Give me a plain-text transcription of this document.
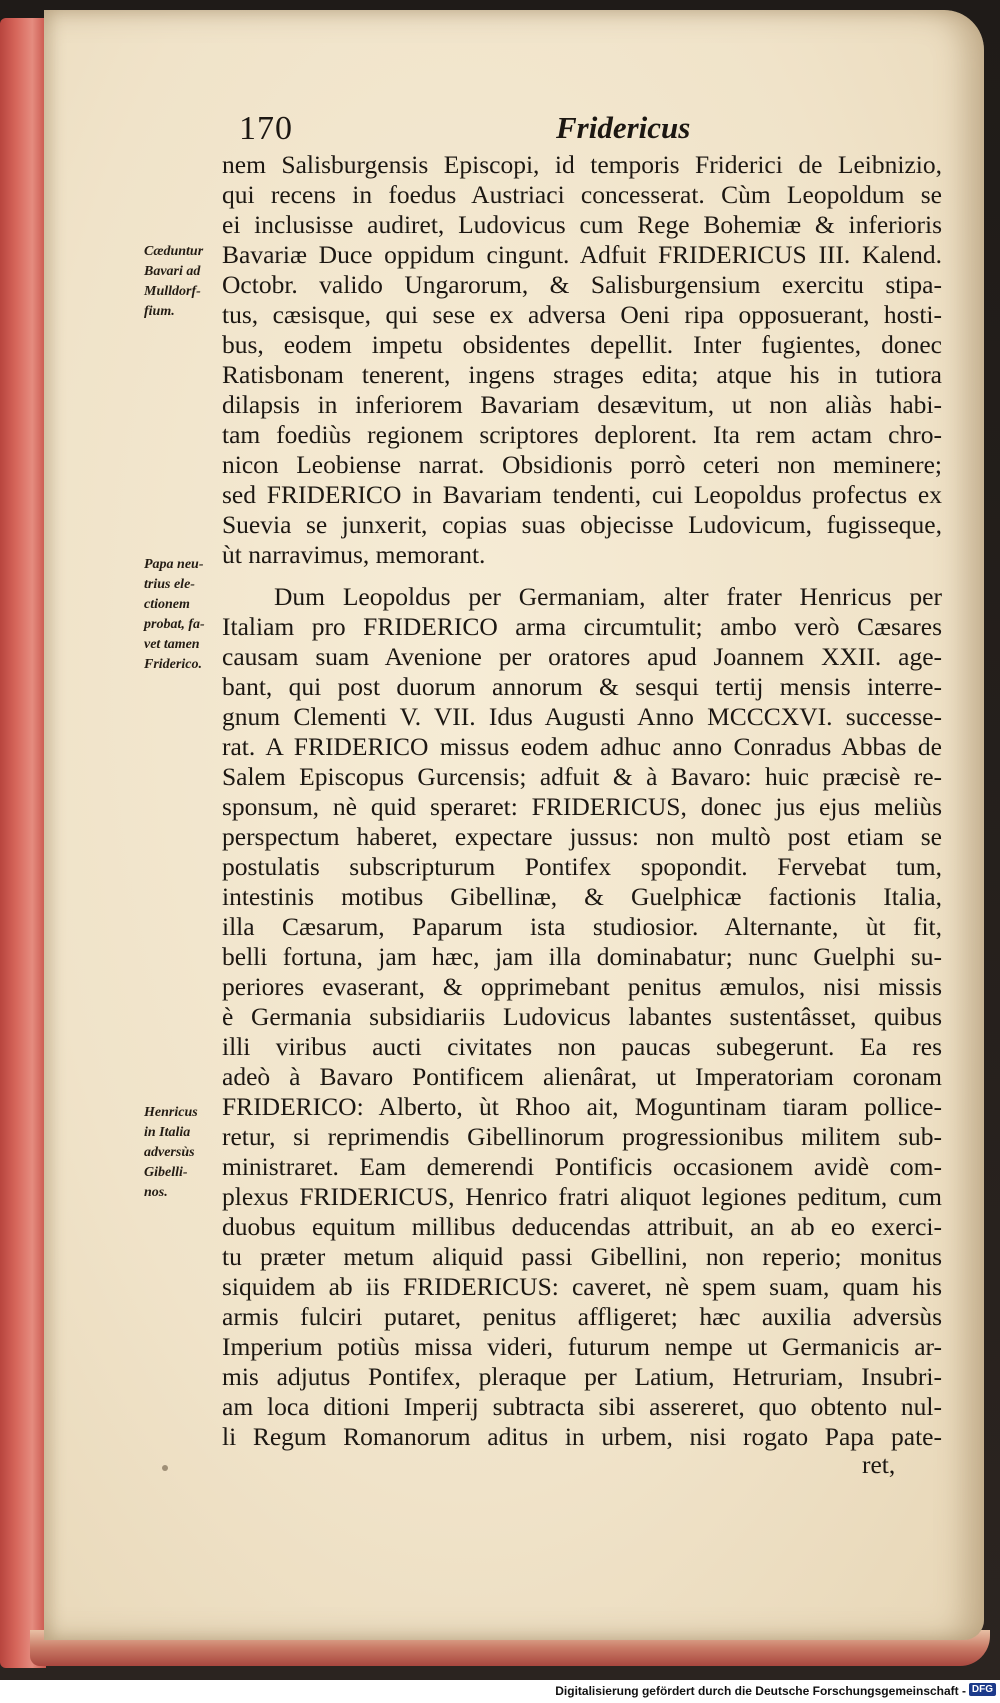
170	Fridericus
Cæduntur
Bavari ad
Mulldorf-
fium.
Papa neu-
trius ele-
ctionem
probat, fa-
vet tamen
Friderico.
Henricus
in Italia
adversùs
Gibelli-
nos.
nem Salisburgensis Episcopi, id temporis Friderici de Leibnizio,
qui recens in foedus Austriaci concesserat. Cùm Leopoldum se
ei inclusisse audiret, Ludovicus cum Rege Bohemiæ & inferioris
Bavariæ Duce oppidum cingunt. Adfuit FRIDERICUS III. Kalend.
Octobr. valido Ungarorum, & Salisburgensium exercitu stipa-
tus, cæsisque, qui sese ex adversa Oeni ripa opposuerant, hosti-
bus, eodem impetu obsidentes depellit. Inter fugientes, donec
Ratisbonam tenerent, ingens strages edita; atque his in tutiora
dilapsis in inferiorem Bavariam desævitum, ut non aliàs habi-
tam foediùs regionem scriptores deplorent. Ita rem actam chro-
nicon Leobiense narrat. Obsidionis porrò ceteri non meminere;
sed FRIDERICO in Bavariam tendenti, cui Leopoldus profectus ex
Suevia se junxerit, copias suas objecisse Ludovicum, fugisseque,
ùt narravimus, memorant.
Dum Leopoldus per Germaniam, alter frater Henricus per
Italiam pro FRIDERICO arma circumtulit; ambo verò Cæsares
causam suam Avenione per oratores apud Joannem XXII. age-
bant, qui post duorum annorum & sesqui tertij mensis interre-
gnum Clementi V. VII. Idus Augusti Anno MCCCXVI. successe-
rat. A FRIDERICO missus eodem adhuc anno Conradus Abbas de
Salem Episcopus Gurcensis; adfuit & à Bavaro: huic præcisè re-
sponsum, nè quid speraret: FRIDERICUS, donec jus ejus meliùs
perspectum haberet, expectare jussus: non multò post etiam se
postulatis subscripturum Pontifex spopondit. Fervebat tum,
intestinis motibus Gibellinæ, & Guelphicæ factionis Italia,
illa Cæsarum, Paparum ista studiosior. Alternante, ùt fit,
belli fortuna, jam hæc, jam illa dominabatur; nunc Guelphi su-
periores evaserant, & opprimebant penitus æmulos, nisi missis
è Germania subsidiariis Ludovicus labantes sustentâsset, quibus
illi viribus aucti civitates non paucas subegerunt. Ea res
adeò à Bavaro Pontificem alienârat, ut Imperatoriam coronam
FRIDERICO: Alberto, ùt Rhoo ait, Moguntinam tiaram pollice-
retur, si reprimendis Gibellinorum progressionibus militem sub-
ministraret. Eam demerendi Pontificis occasionem avidè com-
plexus FRIDERICUS, Henrico fratri aliquot legiones peditum, cum
duobus equitum millibus deducendas attribuit, an ab eo exerci-
tu præter metum aliquid passi Gibellini, non reperio; monitus
siquidem ab iis FRIDERICUS: caveret, nè spem suam, quam his
armis fulciri putaret, penitus affligeret; hæc auxilia adversùs
Imperium potiùs missa videri, futurum nempe ut Germanicis ar-
mis adjutus Pontifex, pleraque per Latium, Hetruriam, Insubri-
am loca ditioni Imperij subtracta sibi assereret, quo obtento nul-
li Regum Romanorum aditus in urbem, nisi rogato Papa pate-
ret,
Digitalisierung gefördert durch die Deutsche Forschungsgemeinschaft - DFG
